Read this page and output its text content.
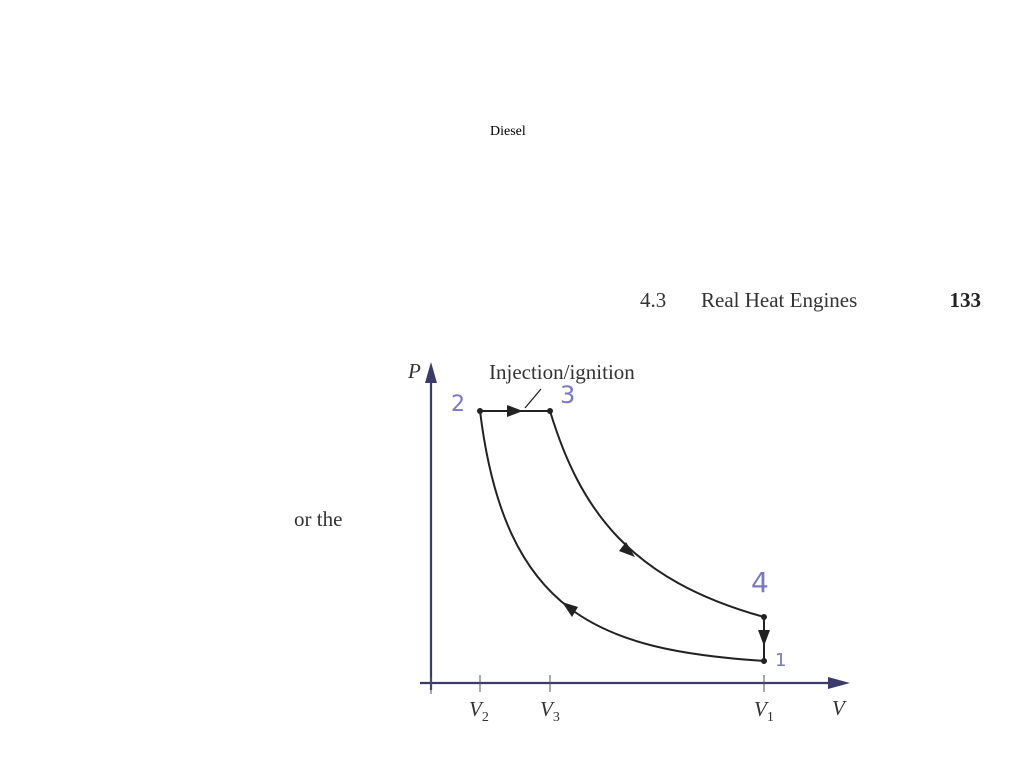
Diesel
4.3 Real Heat Engines	133
or the
P
V
$V_2$ $V_3$	$V_1$
2	3
4
1
Injection/ignition
